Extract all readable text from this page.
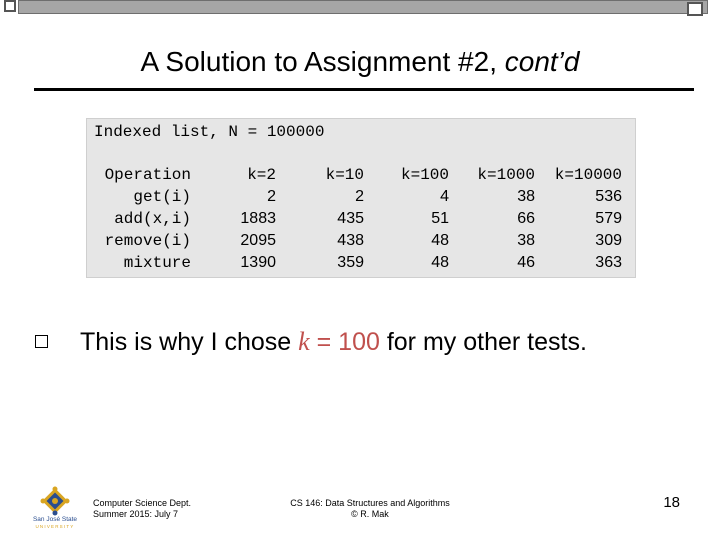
A Solution to Assignment #2, cont’d
Indexed list, N = 100000
Operation
get(i)
add(x,i)
remove(i)
mixture
k=2
2
1883
2095
1390
k=10
2
435
438
359
k=100
4
51
48
48
k=1000
38
66
38
46
k=10000
536
579
309
363
This is why I chose k = 100 for my other tests.
San José State
UNIVERSITY
Computer Science Dept.
Summer 2015: July 7
CS 146: Data Structures and Algorithms
© R. Mak
18
